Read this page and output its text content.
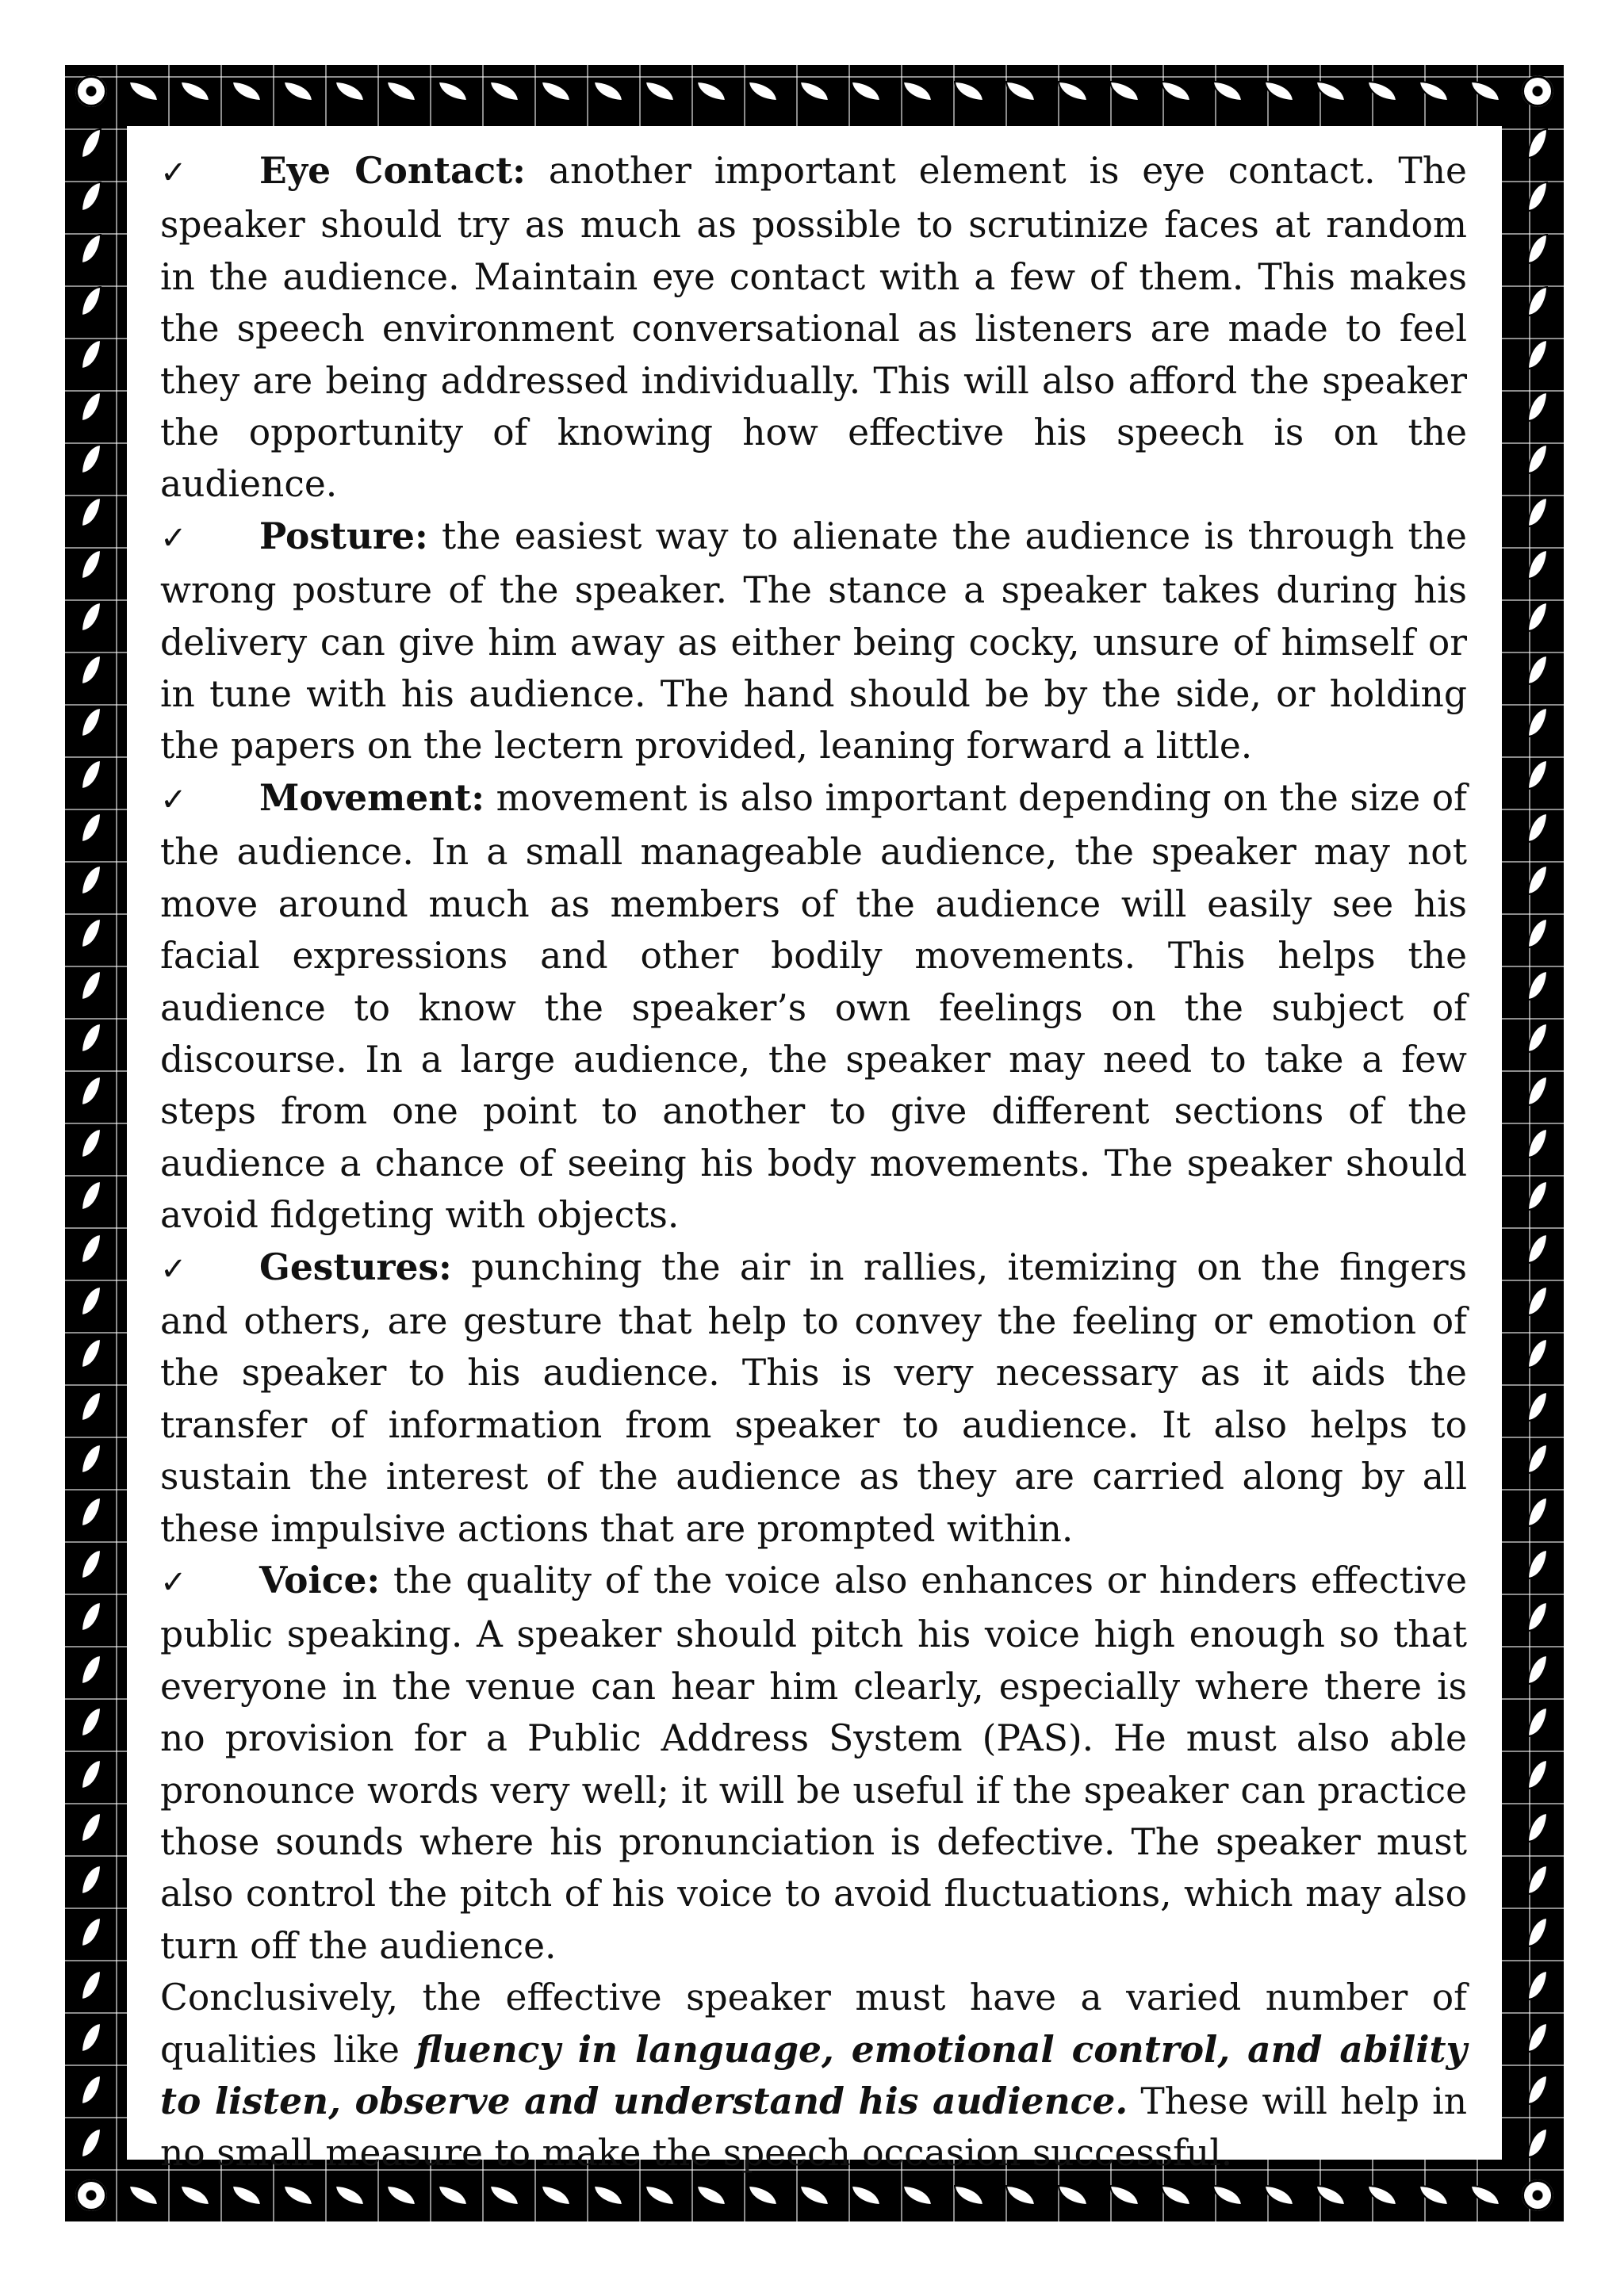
✓ Eye Contact: another important element is eye contact. The speaker should try as much as possible to scrutinize faces at random in the audience. Maintain eye contact with a few of them. This makes the speech environment conversational as listeners are made to feel they are being addressed individually. This will also afford the speaker the opportunity of knowing how effective his speech is on the audience.

✓ Posture: the easiest way to alienate the audience is through the wrong posture of the speaker. The stance a speaker takes during his delivery can give him away as either being cocky, unsure of himself or in tune with his audience. The hand should be by the side, or holding the papers on the lectern provided, leaning forward a little.

✓ Movement: movement is also important depending on the size of the audience. In a small manageable audience, the speaker may not move around much as members of the audience will easily see his facial expressions and other bodily movements. This helps the audience to know the speaker’s own feelings on the subject of discourse. In a large audience, the speaker may need to take a few steps from one point to another to give different sections of the audience a chance of seeing his body movements. The speaker should avoid fidgeting with objects.

✓ Gestures: punching the air in rallies, itemizing on the fingers and others, are gesture that help to convey the feeling or emotion of the speaker to his audience. This is very necessary as it aids the transfer of information from speaker to audience. It also helps to sustain the interest of the audience as they are carried along by all these impulsive actions that are prompted within.

✓ Voice: the quality of the voice also enhances or hinders effective public speaking. A speaker should pitch his voice high enough so that everyone in the venue can hear him clearly, especially where there is no provision for a Public Address System (PAS). He must also able pronounce words very well; it will be useful if the speaker can practice those sounds where his pronunciation is defective. The speaker must also control the pitch of his voice to avoid fluctuations, which may also turn off the audience.

Conclusively, the effective speaker must have a varied number of qualities like fluency in language, emotional control, and ability to listen, observe and understand his audience. These will help in no small measure to make the speech occasion successful.
